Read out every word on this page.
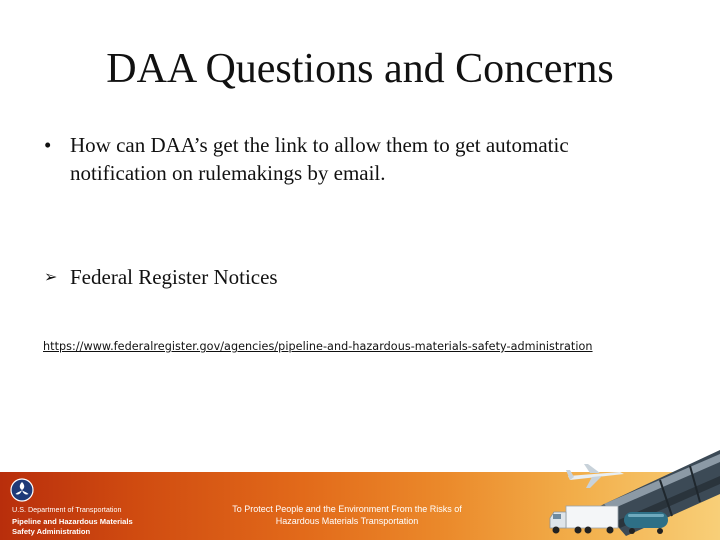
DAA Questions and Concerns
• How can DAA’s get the link to allow them to get automatic notification on rulemakings by email.
➢ Federal Register Notices
https://www.federalregister.gov/agencies/pipeline-and-hazardous-materials-safety-administration
U.S. Department of Transportation
Pipeline and Hazardous Materials
Safety Administration
To Protect People and the Environment From the Risks of
Hazardous Materials Transportation
